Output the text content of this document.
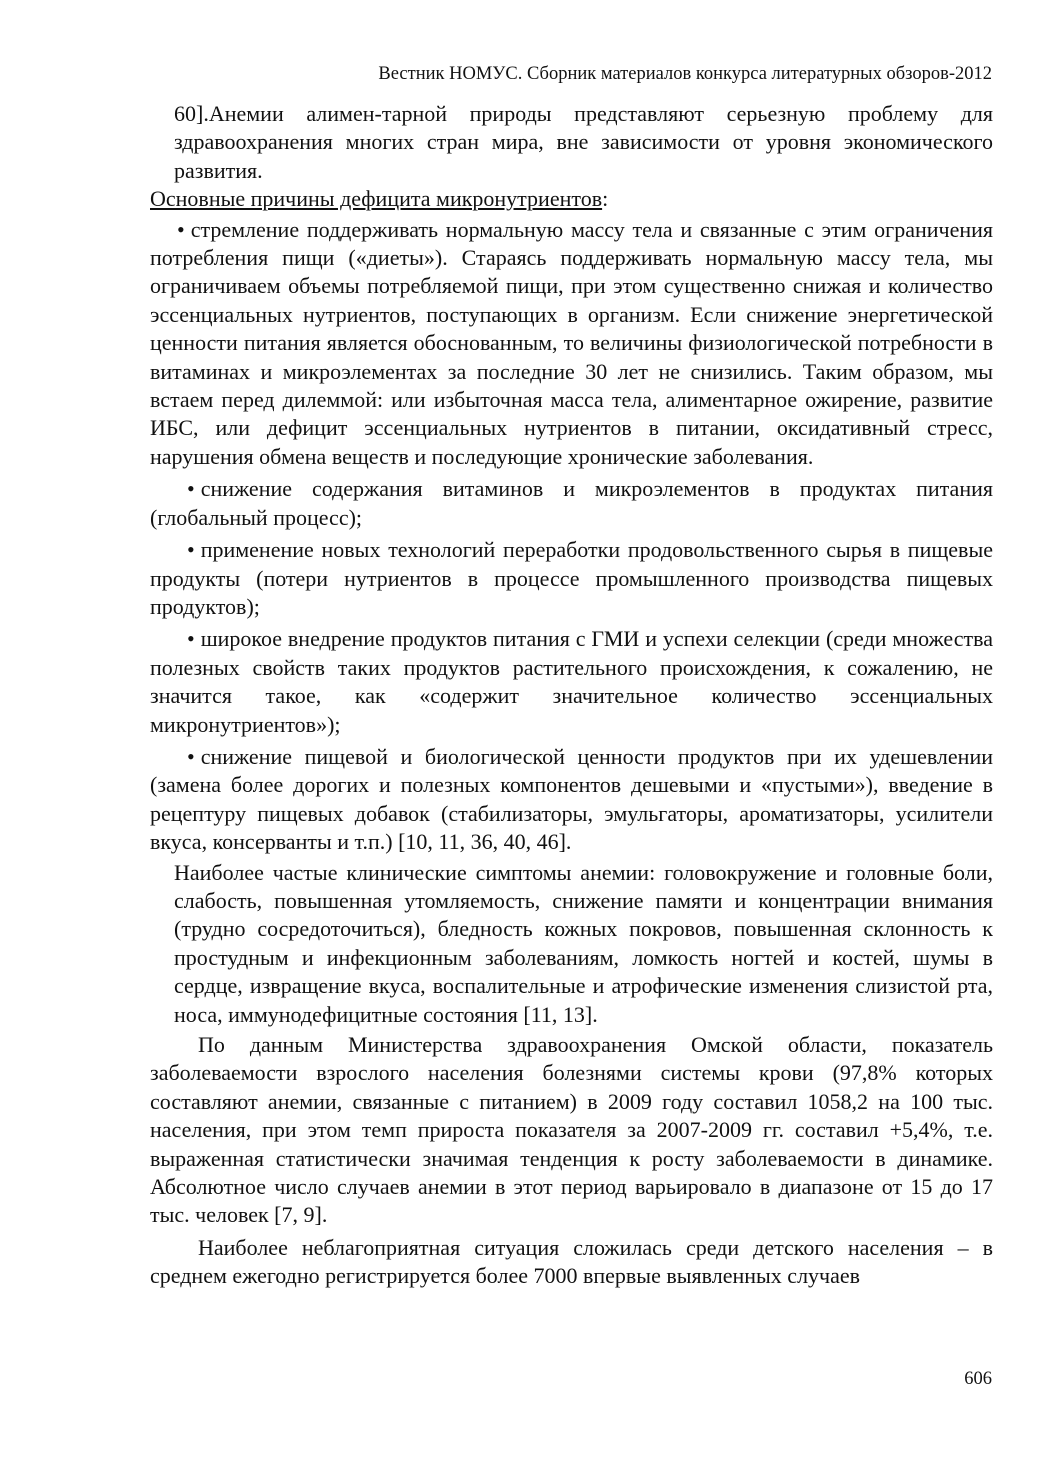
Вестник НОМУС. Сборник материалов конкурса литературных обзоров-2012

60].Анемии алимен-тарной природы представляют серьезную проблему для здравоохранения многих стран мира, вне зависимости от уровня экономического развития.

Основные причины дефицита микронутриентов:

• стремление поддерживать нормальную массу тела и связанные с этим ограничения потребления пищи («диеты»). Стараясь поддерживать нормальную массу тела, мы ограничиваем объемы потребляемой пищи, при этом существенно снижая и количество эссенциальных нутриентов, поступающих в организм. Если снижение энергетической ценности питания является обоснованным, то величины физиологической потребности в витаминах и микроэлементах за последние 30 лет не снизились. Таким образом, мы встаем перед дилеммой: или избыточная масса тела, алиментарное ожирение, развитие ИБС, или дефицит эссенциальных нутриентов в питании, оксидативный стресс, нарушения обмена веществ и последующие хронические заболевания.

• снижение содержания витаминов и микроэлементов в продуктах питания (глобальный процесс);

• применение новых технологий переработки продовольственного сырья в пищевые продукты (потери нутриентов в процессе промышленного производства пищевых продуктов);

• широкое внедрение продуктов питания с ГМИ и успехи селекции (среди множества полезных свойств таких продуктов растительного происхождения, к сожалению, не значится такое, как «содержит значительное количество эссенциальных микронутриентов»);

• снижение пищевой и биологической ценности продуктов при их удешевлении (замена более дорогих и полезных компонентов дешевыми и «пустыми»), введение в рецептуру пищевых добавок (стабилизаторы, эмульгаторы, ароматизаторы, усилители вкуса, консерванты и т.п.) [10, 11, 36, 40, 46].

Наиболее частые клинические симптомы анемии: головокружение и головные боли, слабость, повышенная утомляемость, снижение памяти и концентрации внимания (трудно сосредоточиться), бледность кожных покровов, повышенная склонность к простудным и инфекционным заболеваниям, ломкость ногтей и костей, шумы в сердце, извращение вкуса, воспалительные и атрофические изменения слизистой рта, носа, иммунодефицитные состояния [11, 13].

По данным Министерства здравоохранения Омской области, показатель заболеваемости взрослого населения болезнями системы крови (97,8% которых составляют анемии, связанные с питанием) в 2009 году составил 1058,2 на 100 тыс. населения, при этом темп прироста показателя за 2007-2009 гг. составил +5,4%, т.е. выраженная статистически значимая тенденция к росту заболеваемости в динамике. Абсолютное число случаев анемии в этот период варьировало в диапазоне от 15 до 17 тыс. человек [7, 9].

Наиболее неблагоприятная ситуация сложилась среди детского населения – в среднем ежегодно регистрируется более 7000 впервые выявленных случаев

606
